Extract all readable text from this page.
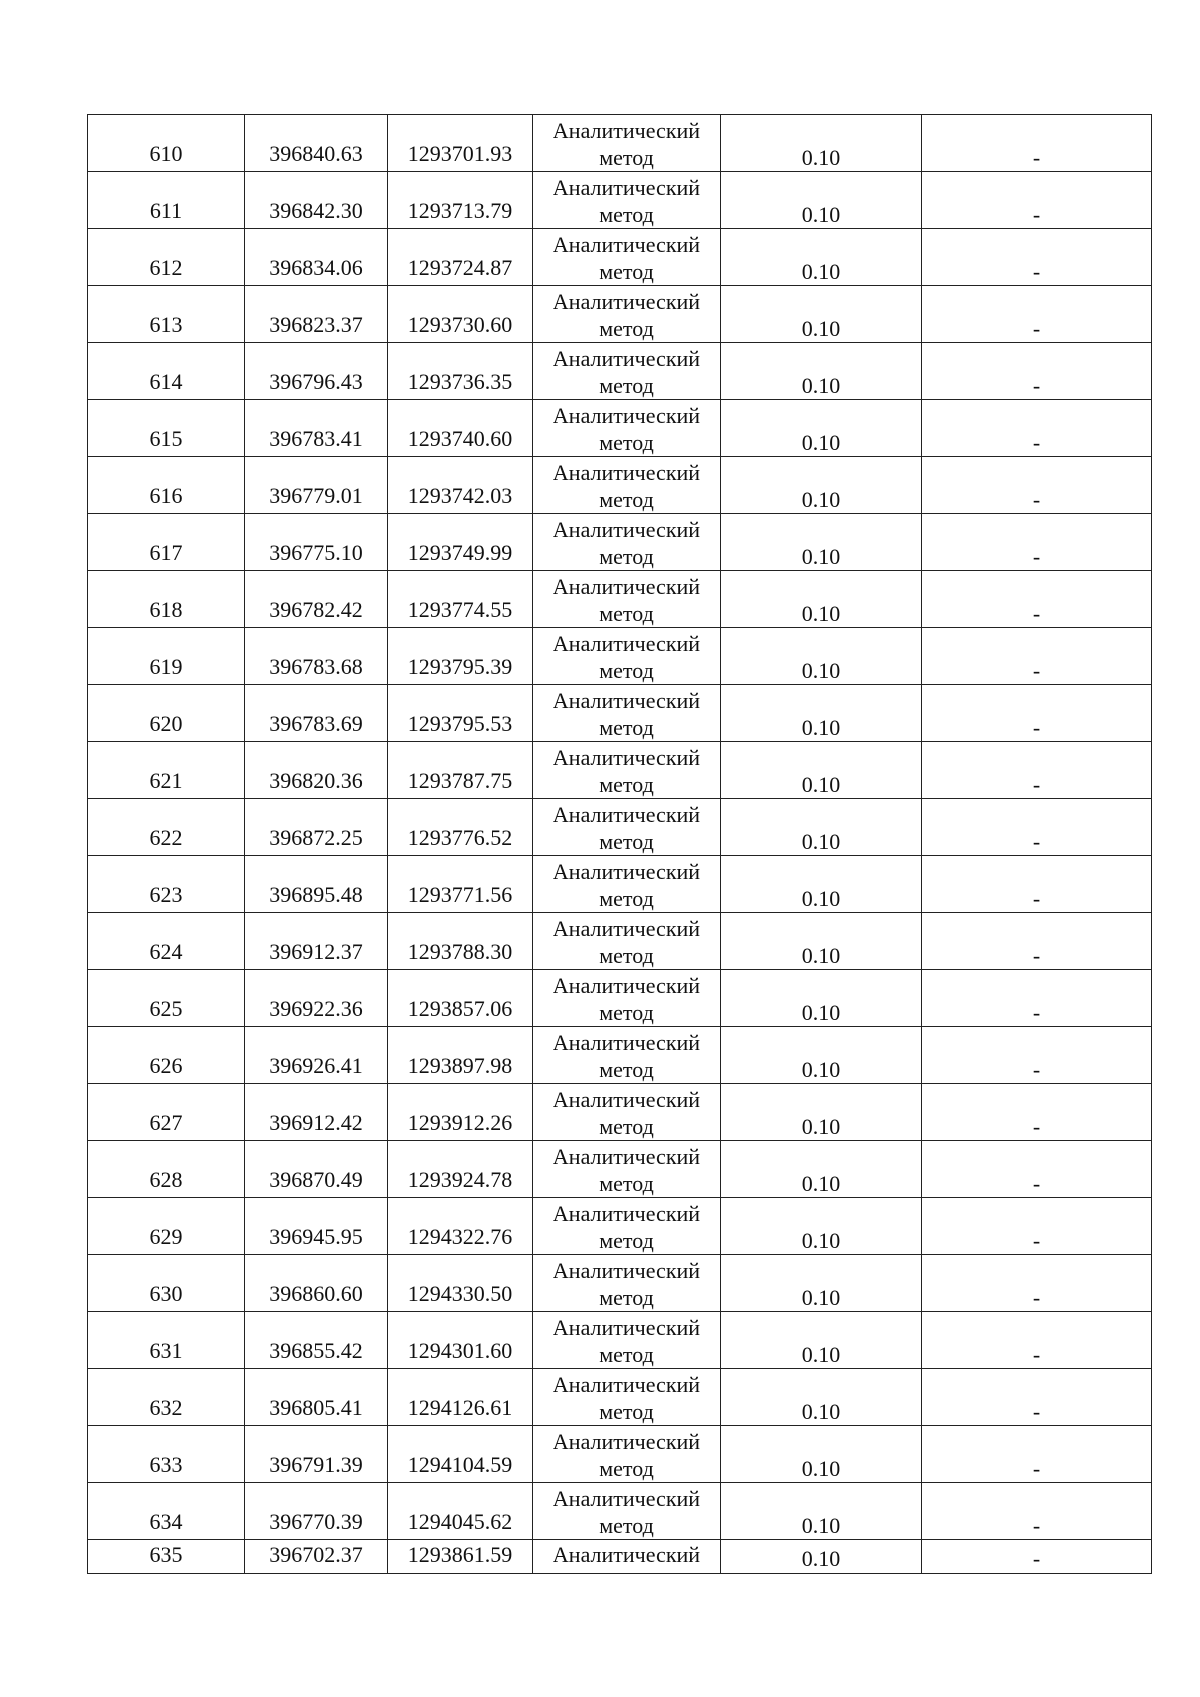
610	396840.63	1293701.93	Аналитический
метод	0.10	-
611	396842.30	1293713.79	Аналитический
метод	0.10	-
612	396834.06	1293724.87	Аналитический
метод	0.10	-
613	396823.37	1293730.60	Аналитический
метод	0.10	-
614	396796.43	1293736.35	Аналитический
метод	0.10	-
615	396783.41	1293740.60	Аналитический
метод	0.10	-
616	396779.01	1293742.03	Аналитический
метод	0.10	-
617	396775.10	1293749.99	Аналитический
метод	0.10	-
618	396782.42	1293774.55	Аналитический
метод	0.10	-
619	396783.68	1293795.39	Аналитический
метод	0.10	-
620	396783.69	1293795.53	Аналитический
метод	0.10	-
621	396820.36	1293787.75	Аналитический
метод	0.10	-
622	396872.25	1293776.52	Аналитический
метод	0.10	-
623	396895.48	1293771.56	Аналитический
метод	0.10	-
624	396912.37	1293788.30	Аналитический
метод	0.10	-
625	396922.36	1293857.06	Аналитический
метод	0.10	-
626	396926.41	1293897.98	Аналитический
метод	0.10	-
627	396912.42	1293912.26	Аналитический
метод	0.10	-
628	396870.49	1293924.78	Аналитический
метод	0.10	-
629	396945.95	1294322.76	Аналитический
метод	0.10	-
630	396860.60	1294330.50	Аналитический
метод	0.10	-
631	396855.42	1294301.60	Аналитический
метод	0.10	-
632	396805.41	1294126.61	Аналитический
метод	0.10	-
633	396791.39	1294104.59	Аналитический
метод	0.10	-
634	396770.39	1294045.62	Аналитический
метод	0.10	-
635	396702.37	1293861.59	Аналитический	0.10	-
